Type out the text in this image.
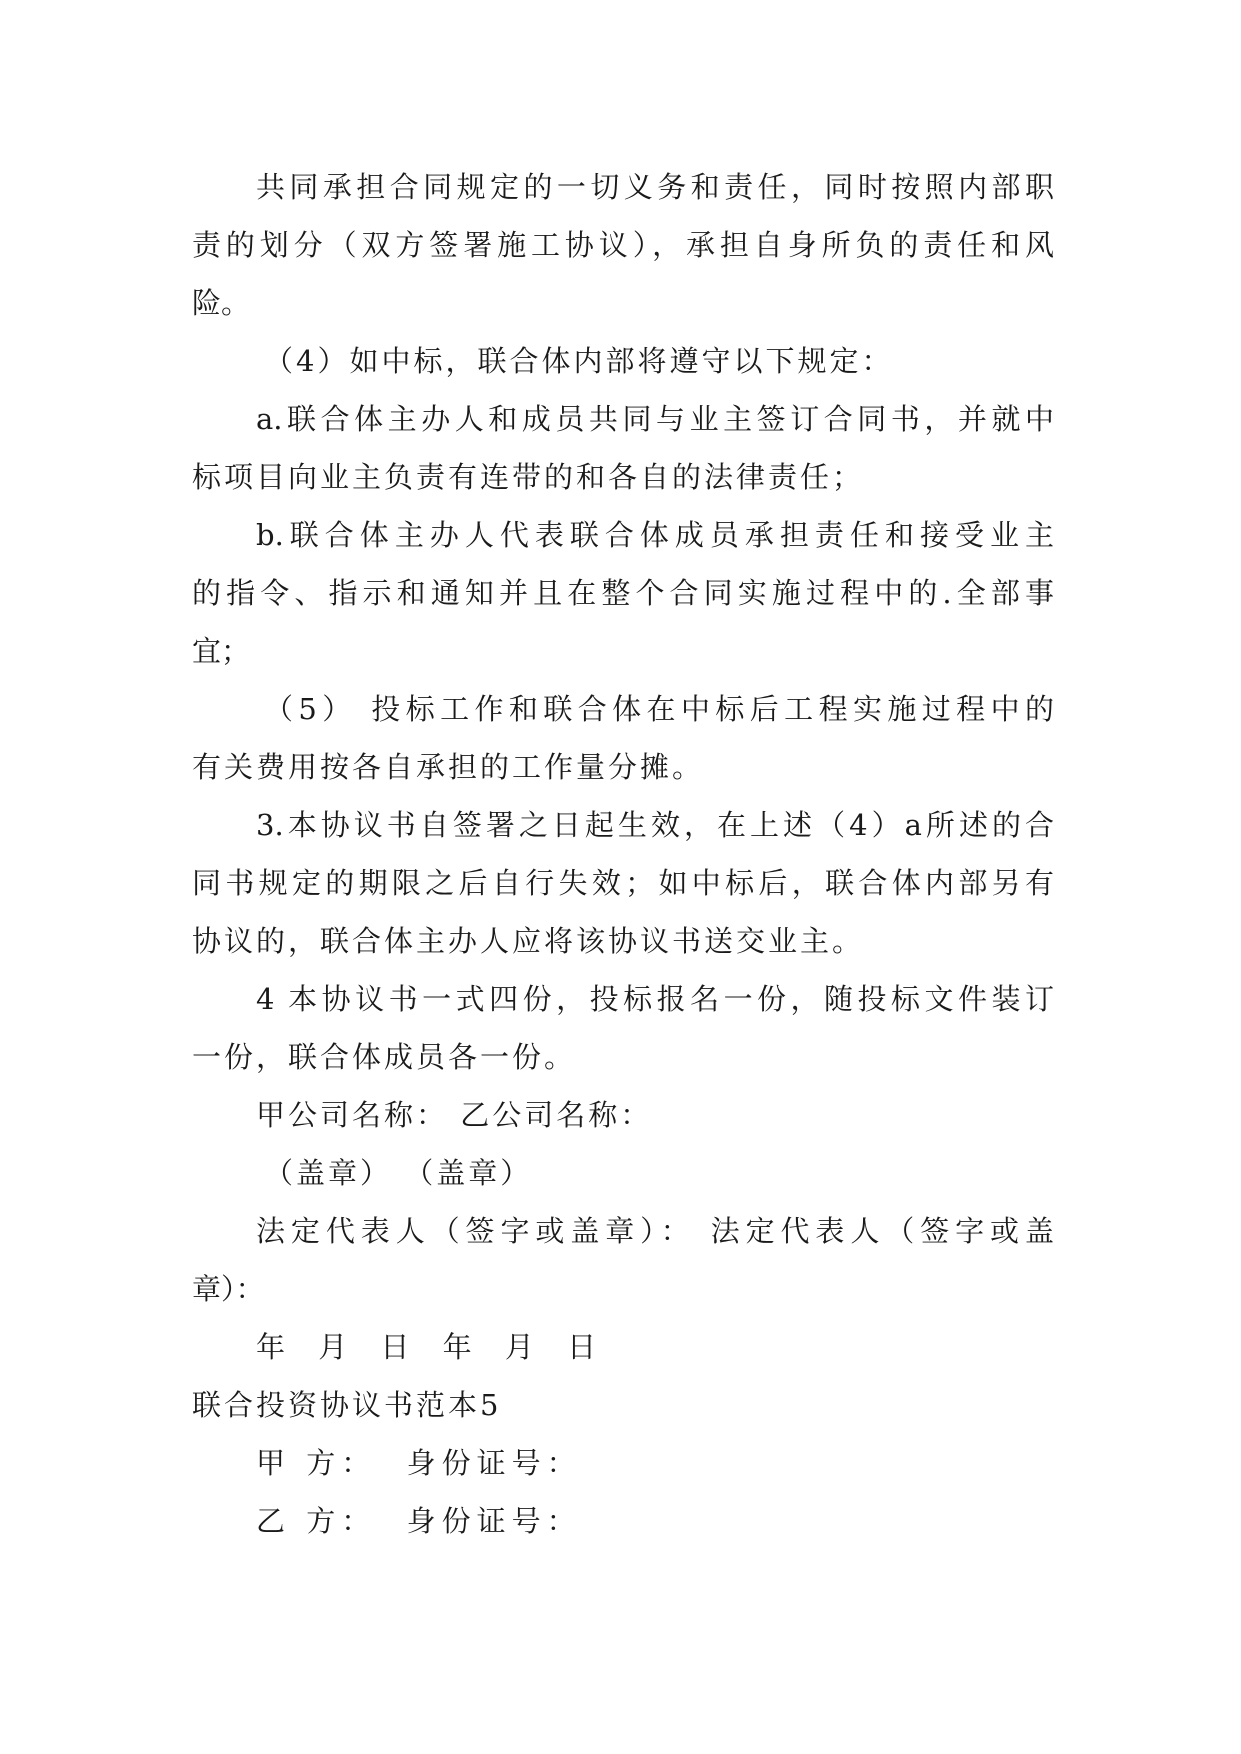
共同承担合同规定的一切义务和责任，同时按照内部职
责的划分（双方签署施工协议），承担自身所负的责任和风
险。
（4）如中标，联合体内部将遵守以下规定：
a.联合体主办人和成员共同与业主签订合同书，并就中
标项目向业主负责有连带的和各自的法律责任；
b.联合体主办人代表联合体成员承担责任和接受业主
的指令、指示和通知并且在整个合同实施过程中的.全部事
宜；
（5） 投标工作和联合体在中标后工程实施过程中的
有关费用按各自承担的工作量分摊。
3.本协议书自签署之日起生效，在上述（4）a所述的合
同书规定的期限之后自行失效；如中标后，联合体内部另有
协议的，联合体主办人应将该协议书送交业主。
4 本协议书一式四份，投标报名一份，随投标文件装订
一份，联合体成员各一份。
甲公司名称： 乙公司名称：
（盖章） （盖章）
法定代表人（签字或盖章）： 法定代表人（签字或盖
章）：
年 月 日 年 月 日
联合投资协议书范本5
甲 方：  身份证号：
乙 方：  身份证号：
